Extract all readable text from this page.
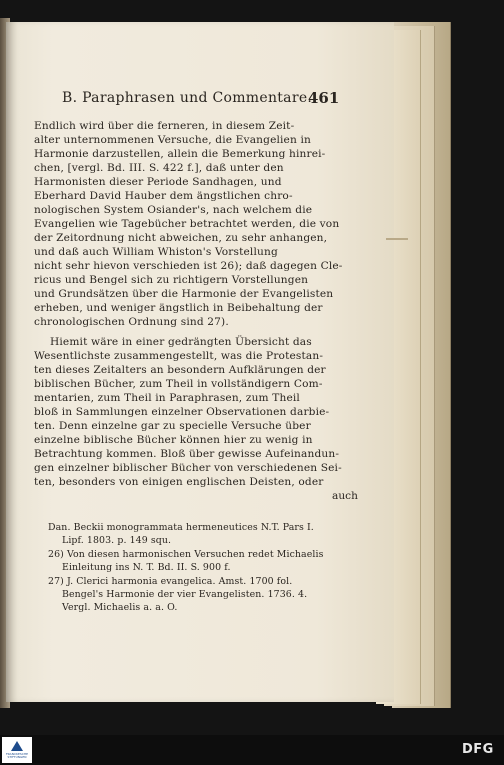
B. Paraphrasen und Commentare.
461
Endlich wird über die ferneren, in diesem Zeit-
alter unternommenen Versuche, die Evangelien in
Harmonie darzustellen, allein die Bemerkung hinrei-
chen, [vergl. Bd. III. S. 422 f.], daß unter den
Harmonisten dieser Periode Sandhagen, und
Eberhard David Hauber dem ängstlichen chro-
nologischen System Osiander's, nach welchem die
Evangelien wie Tagebücher betrachtet werden, die von
der Zeitordnung nicht abweichen, zu sehr anhangen,
und daß auch William Whiston's Vorstellung
nicht sehr hievon verschieden ist 26); daß dagegen Cle-
ricus und Bengel sich zu richtigern Vorstellungen
und Grundsätzen über die Harmonie der Evangelisten
erheben, und weniger ängstlich in Beibehaltung der
chronologischen Ordnung sind 27).
Hiemit wäre in einer gedrängten Übersicht das
Wesentlichste zusammengestellt, was die Protestan-
ten dieses Zeitalters an besondern Aufklärungen der
biblischen Bücher, zum Theil in vollständigern Com-
mentarien, zum Theil in Paraphrasen, zum Theil
bloß in Sammlungen einzelner Observationen darbie-
ten. Denn einzelne gar zu specielle Versuche über
einzelne biblische Bücher können hier zu wenig in
Betrachtung kommen. Bloß über gewisse Aufeinandun-
gen einzelner biblischer Bücher von verschiedenen Sei-
ten, besonders von einigen englischen Deisten, oder
auch
Dan. Beckii monogrammata hermeneutices N.T. Pars I.
Lipf. 1803. p. 149 squ.
26) Von diesen harmonischen Versuchen redet Michaelis
Einleitung ins N. T. Bd. II. S. 900 f.
27) J. Clerici harmonia evangelica. Amst. 1700 fol.
Bengel's Harmonie der vier Evangelisten. 1736. 4.
Vergl. Michaelis a. a. O.
FRANCKESCHE STIFTUNGEN	DFG
